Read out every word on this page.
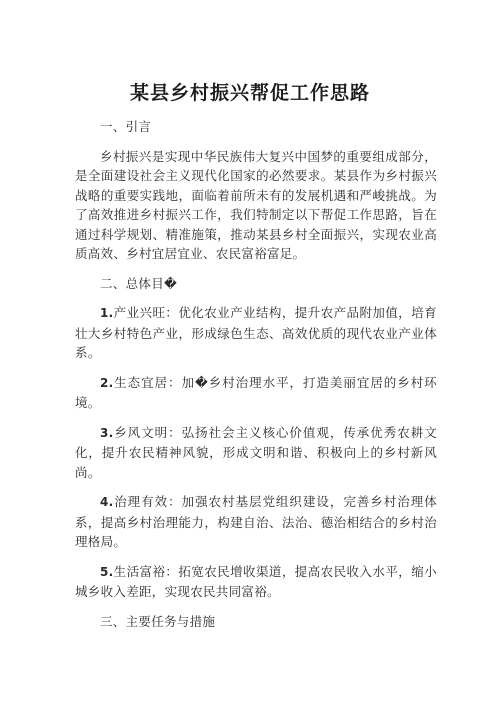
某县乡村振兴帮促工作思路

一、引言

乡村振兴是实现中华民族伟大复兴中国梦的重要组成部分，是全面建设社会主义现代化国家的必然要求。某县作为乡村振兴战略的重要实践地，面临着前所未有的发展机遇和严峻挑战。为了高效推进乡村振兴工作，我们特制定以下帮促工作思路，旨在通过科学规划、精准施策，推动某县乡村全面振兴，实现农业高质高效、乡村宜居宜业、农民富裕富足。

二、总体目�

1.产业兴旺：优化农业产业结构，提升农产品附加值，培育壮大乡村特色产业，形成绿色生态、高效优质的现代农业产业体系。

2.生态宜居：加�乡村治理水平，打造美丽宜居的乡村环境。

3.乡风文明：弘扬社会主义核心价值观，传承优秀农耕文化，提升农民精神风貌，形成文明和谐、积极向上的乡村新风尚。

4.治理有效：加强农村基层党组织建设，完善乡村治理体系，提高乡村治理能力，构建自治、法治、德治相结合的乡村治理格局。

5.生活富裕：拓宽农民增收渠道，提高农民收入水平，缩小城乡收入差距，实现农民共同富裕。

三、主要任务与措施
